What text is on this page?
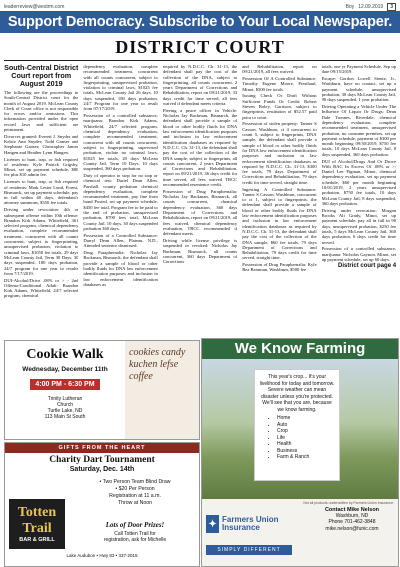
leaderreview@westrm.com	Boy 12.09.2019	3
Support Democracy. Subscribe to Your Local Newspaper.
DISTRICT COURT

South-Central District Court report from August 2019

The following are the proceedings in South-Central District court for the month of August 2019. McLean County Clerk of Court office is not responsible for errors and/or omissions. This information provided under the open record laws and sufficient are permanent.

Divorces granted: Everett J. Snyder and Kelsie Ann Snyder; Todd Ganser and Stephanie Ganser; Christopher James Hangen and Heather Lynn Hangen.

Licenses to hunt, trap, or fish required of residents: Kyle Patrick Grigsby, Minot, set up payment schedule, $80 fee plus $10 admin fee.

Licenses to hunt, trap, or fish required of residents: Mark Lester Lund, Forest, Bismarck, set up payment schedule, pay in full within 48 days, defendant's attorney summons, $350 fee totals.

Driving under revocation: 4th or subsequent offense within 10th offense: Brandon Kirk Adams, Whitefield, 361 selected program, chemical dependency evaluation, complete recommended treatment, concurrent with all counts concurrent, subject to fingerprinting, unsupervised probation, violation to criminal laws, $1050 fee totals, 29 days McLean County Jail, Term 30 Days, 30 days suspended, 180 days probation, 24/7 program for one year to results from 7/17/2019.

DUI-Alcohol/Drive .08% or > - 2nd Offense/Conditional Adult: Brandon Kirk Adams, Whitefield, 24/7 selected program, chemical

dependency evaluation, complete recommended treatment, concurrent with all counts concurrent, subject to fingerprinting, unsupervised probation, violation to criminal laws, $1025 fee totals, McLean County Jail 26 days, 10 days suspended, 180 days probation, 24/7 Program for one year to result from 07/17/2019.

Possession of a controlled substance, marijuana: Brandon Kirk Adams, Whitefield, 24/7 selected program, chemical dependency evaluation, complete recommended treatment, concurrent with all counts concurrent, subject to fingerprinting, supervised probation, violate no criminal laws, $1025 fee totals, 20 days McLean County Jail, Term 10 Days, 10 days suspended, 360 days probation.

Duty of operator to stop for no stop or chemical test: Dariel Dean Allen, Parshall, county probation chemical dependency evaluation, complete recommended treatment, pay fine from bond Posted, set up payment schedule, $450 fee total, Program fee to be paid to the end of probation, unsupervised probation, $700 fees total, McLean County Jail, 10 days, 30 days suspended probation 360 days.

Possession of a Controlled Substance: Darryl Dean Allen, Plateau, N.D., Attended sentence dismissed.

Drug Paraphernalia: Nicholas Jay Backman, Bismarck, the defendant shall provide a sample of blood or other bodily fluids for DNA law enforcement identification purposes and inclusion in law enforcement identification databases as

required by N.D.C.C. Ch. 31-13, the defendant shall pay the cost of the collection of the DNA, subject to fingerprinting, all counts concurrent, 2 years Department of Corrections and Rehabilitation, report on 09/21/2019, 33 days credit for time served, all fees waived if defendant meets criteria.

Fleeing a peace officer in Vehicle: Nicholas Jay Backman, Bismarck, the defendant shall provide a sample of blood or other bodily fluids for DNA law enforcement identification purposes and inclusion in law enforcement identification databases as required by N.D.C.C. Ch. 31-13, the defendant shall pay the cost of the collection of the DNA sample, subject to fingerprints, all counts concurrent, 2 years Department of Corrections and Rehabilitation, report on 09/21/2019, 36 days credit for time served, all fees waived TRCC recommended resentence credit.

Possession of Drug Paraphernalia: Nicholas Jay Backman, Bismarck, all counts concurrent, chemical dependency evaluation, 360 days Department of Corrections and Rehabilitation, report on 09/21/2019, all fees waived, chemical dependency evaluation, TRCC recommended if defendant meets.

Driving while license privilege is suspended or revoked: Nicholas Jay Backman, Bismarck, all counts concurrent, 360 days Department of Corrections

and Rehabilitation, report on 09/21/2019, all fees waived.

Possession Of A Controlled Substance: Timothy Eugene Moore, Presthaul, Minot, $500 fee totals.

Issuing Check Or Draft Without Sufficient Funds Or Credit: Robert Steven Boley, Garrison, subject to fingerprints, restitution of $52.57 paid prior to court.

Possession of stolen property: Tanner S Casson, Washburn, ct 4 concurrent to count 5, subject to fingerprints, DNA sample, the defendant shall provide a sample of blood or other bodily fluids for DNA law enforcement identification purposes and inclusion in law enforcement identification databases as required by N.D.C.C. Ch. 31-13, $300 fee totals, 79 days Department of Corrections and Rehabilitation, 79 days credit for time served, straight time.

Ingesting A Controlled Substance: Tanner S Casson, Washburn, concurrent to ct 1, subject to fingerprints, the defendant shall provide a sample of blood or other bodily fluids for DNA law enforcement identification purposes and inclusion in law enforcement identification databases as required by N.D.C.C. Ch. 31-13, the defendant shall pay the cost of the collection of the DNA sample, $60 fee totals, 79 days Department of Corrections and Rehabilitation, 79 days credit for time served, straight time.

Possession of Drug Paraphernalia: Kyle Bea Bearman, Washburn, $500 fee

totals, one yr Payment Schedule, Sep up date 09/15/2019.

Escape: Gordon Lowell Stentz, Jr., Washburn, have no contact, set up a payment schedule, unsupervised probation, 30 days McLean County Jail, 90 days suspended, 1 year probation.

Driving Operating a Vehicle Under The Influence Of Liquor Or Drugs: Dean Dale Tronnes, Riverdale, chemical dependency evaluation, complete recommended treatment, unsupervised probation, no consume premises, set up payment schedule, payment of $300 per month beginning 09/30/2019, $750 fee totals, 10 days McLean County Jail, 8 days suspended, 360 days probation.

DUI of Alcohol/Drugs And Or Drove With BAC In Excess Of .08% or >: Daniel Lee Pigman, Minot, chemical dependency evaluation, set up payment schedule, $60 per month beginning 10/01/2019, 2 years unsupervised probation, $750 fee totals, 10 days McLean County Jail, 8 days suspended, 360 days probation.

Driving under revocation: Morgan Brooks Ali Grady, Minot, set up payment schedule, pay all in full in 90 days, unsupervised probation, $250 fee totals, 5 days McLean County Jail, 360 days probation, 6 days credit for time served.

Possession of a controlled substance, marijuana: Nicholas Gaynon, Minot, set up payment schedule, set up 60 days.

District court page 4

Cookie Walk
Wednesday, December 11th
4:00 PM - 6:30 PM
Trinity Lutheran
Church
Turtle Lake, ND
113 Main St South
cookies candy kuchen lefse coffee
GIFTS FROM THE HEART
Charity Dart Tournament
Saturday, Dec. 14th
• Two Person Team Blind Draw
• $20 Per Person
Registration at 11 a.m.
Throw at Noon
Totten Trail
BAR & GRILL
Lots of Door Prizes!
Call Totten Trail for
registration, ask for Michelle
Lake Audubon • Hwy 83 • 337-2015
We Know Farming
This year's crop... It's your livelihood for today and tomorrow. Severe weather can mean disaster unless you're protected. We'll see that you are, because we know farming.
• Home
• Auto
• Crop
• Life
• Health
• Business
• Farm & Ranch
Not all products underwritten by Farmers Union Insurance.
✦ Farmers Union Insurance
SIMPLY DIFFERENT
Contact Mike Nelson
Washburn, ND
Phone 701-462-3848
mike.nelson@funic.com
